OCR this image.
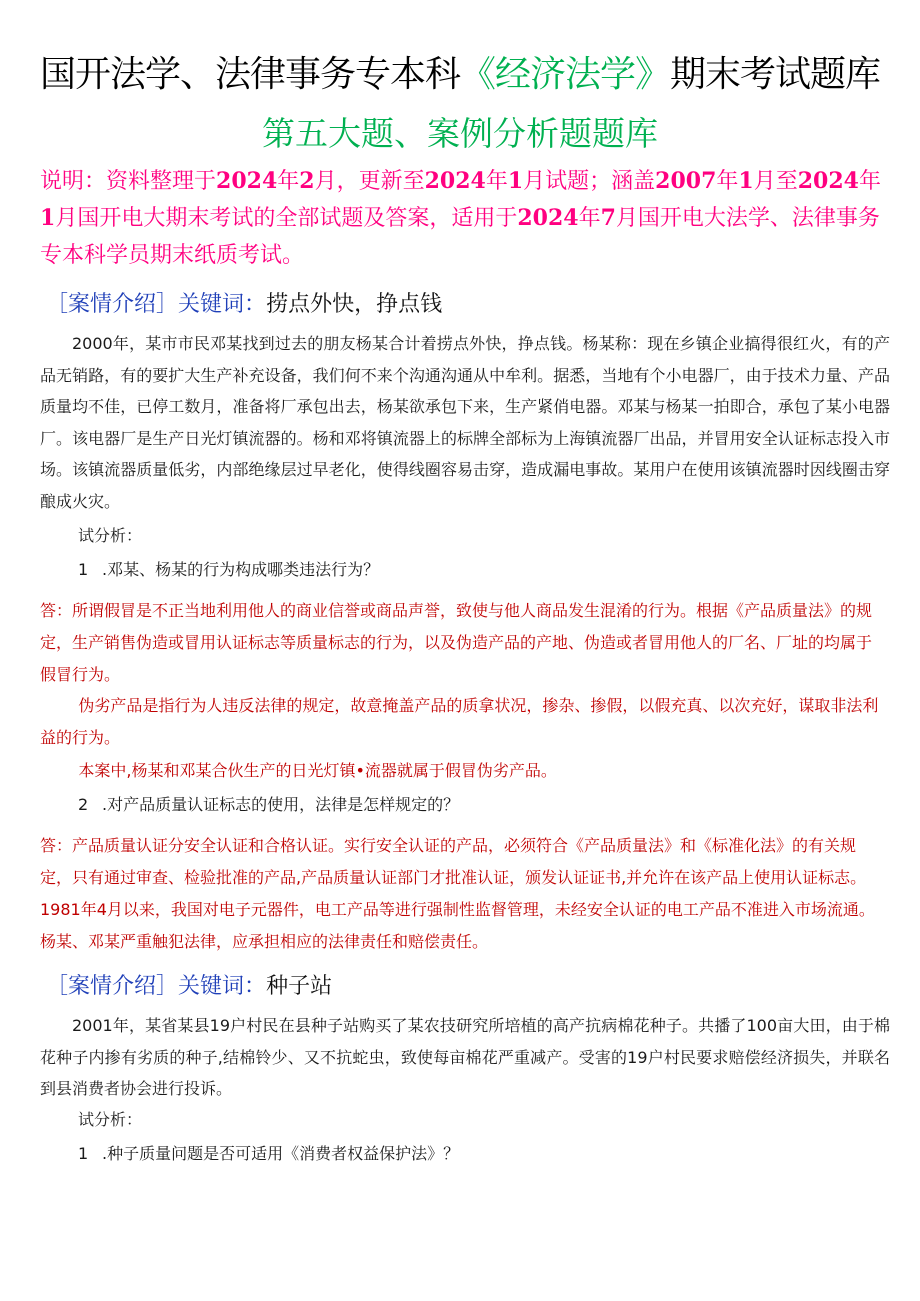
国开法学、法律事务专本科《经济法学》期末考试题库
第五大题、案例分析题题库
说明：资料整理于2024年2月，更新至2024年1月试题；涵盖2007年1月至2024年1月国开电大期末考试的全部试题及答案，适用于2024年7月国开电大法学、法律事务专本科学员期末纸质考试。
［案情介绍］关键词：捞点外快，挣点钱
2000年，某市市民邓某找到过去的朋友杨某合计着捞点外快，挣点钱。杨某称：现在乡镇企业搞得很红火，有的产品无销路，有的要扩大生产补充设备，我们何不来个沟通沟通从中牟利。据悉，当地有个小电器厂，由于技术力量、产品质量均不佳，已停工数月，准备将厂承包出去，杨某欲承包下来，生产紧俏电器。邓某与杨某一拍即合，承包了某小电器厂。该电器厂是生产日光灯镇流器的。杨和邓将镇流器上的标牌全部标为上海镇流器厂出品，并冒用安全认证标志投入市场。该镇流器质量低劣，内部绝缘层过早老化，使得线圈容易击穿，造成漏电事故。某用户在使用该镇流器时因线圈击穿酿成火灾。
试分析：
1 .邓某、杨某的行为构成哪类违法行为？
答：所谓假冒是不正当地利用他人的商业信誉或商品声誉，致使与他人商品发生混淆的行为。根据《产品质量法》的规定，生产销售伪造或冒用认证标志等质量标志的行为，以及伪造产品的产地、伪造或者冒用他人的厂名、厂址的均属于假冒行为。
伪劣产品是指行为人违反法律的规定，故意掩盖产品的质拿状况，掺杂、掺假，以假充真、以次充好，谋取非法利益的行为。
本案中,杨某和邓某合伙生产的日光灯镇•流器就属于假冒伪劣产品。
2 .对产品质量认证标志的使用，法律是怎样规定的？
答：产品质量认证分安全认证和合格认证。实行安全认证的产品，必须符合《产品质量法》和《标准化法》的有关规定，只有通过审查、检验批准的产品,产品质量认证部门才批准认证，颁发认证证书,并允许在该产品上使用认证标志。1981年4月以来，我国对电子元器件，电工产品等进行强制性监督管理，未经安全认证的电工产品不准进入市场流通。杨某、邓某严重触犯法律，应承担相应的法律责任和赔偿责任。
［案情介绍］关键词：种子站
2001年，某省某县19户村民在县种子站购买了某农技研究所培植的高产抗病棉花种子。共播了100亩大田，由于棉花种子内掺有劣质的种子,结棉铃少、又不抗蛇虫，致使每亩棉花严重减产。受害的19户村民要求赔偿经济损失，并联名到县消费者协会进行投诉。
试分析：
1 .种子质量问题是否可适用《消费者权益保护法》？
